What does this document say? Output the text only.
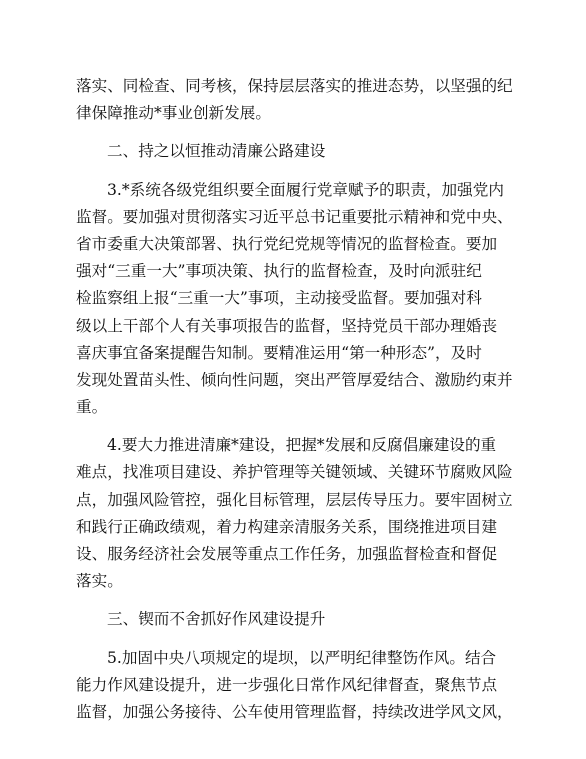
落实、同检查、同考核，保持层层落实的推进态势，以坚强的纪
律保障推动*事业创新发展。
二、持之以恒推动清廉公路建设
3.*系统各级党组织要全面履行党章赋予的职责，加强党内
监督。要加强对贯彻落实习近平总书记重要批示精神和党中央、
省市委重大决策部署、执行党纪党规等情况的监督检查。要加
强对“三重一大”事项决策、执行的监督检查，及时向派驻纪
检监察组上报“三重一大”事项，主动接受监督。要加强对科
级以上干部个人有关事项报告的监督，坚持党员干部办理婚丧
喜庆事宜备案提醒告知制。要精准运用“第一种形态”，及时
发现处置苗头性、倾向性问题，突出严管厚爱结合、激励约束并
重。
4.要大力推进清廉*建设，把握*发展和反腐倡廉建设的重
难点，找准项目建设、养护管理等关键领域、关键环节腐败风险
点，加强风险管控，强化目标管理，层层传导压力。要牢固树立
和践行正确政绩观，着力构建亲清服务关系，围绕推进项目建
设、服务经济社会发展等重点工作任务，加强监督检查和督促
落实。
三、锲而不舍抓好作风建设提升
5.加固中央八项规定的堤坝，以严明纪律整饬作风。结合
能力作风建设提升，进一步强化日常作风纪律督查，聚焦节点
监督，加强公务接待、公车使用管理监督，持续改进学风文风，
